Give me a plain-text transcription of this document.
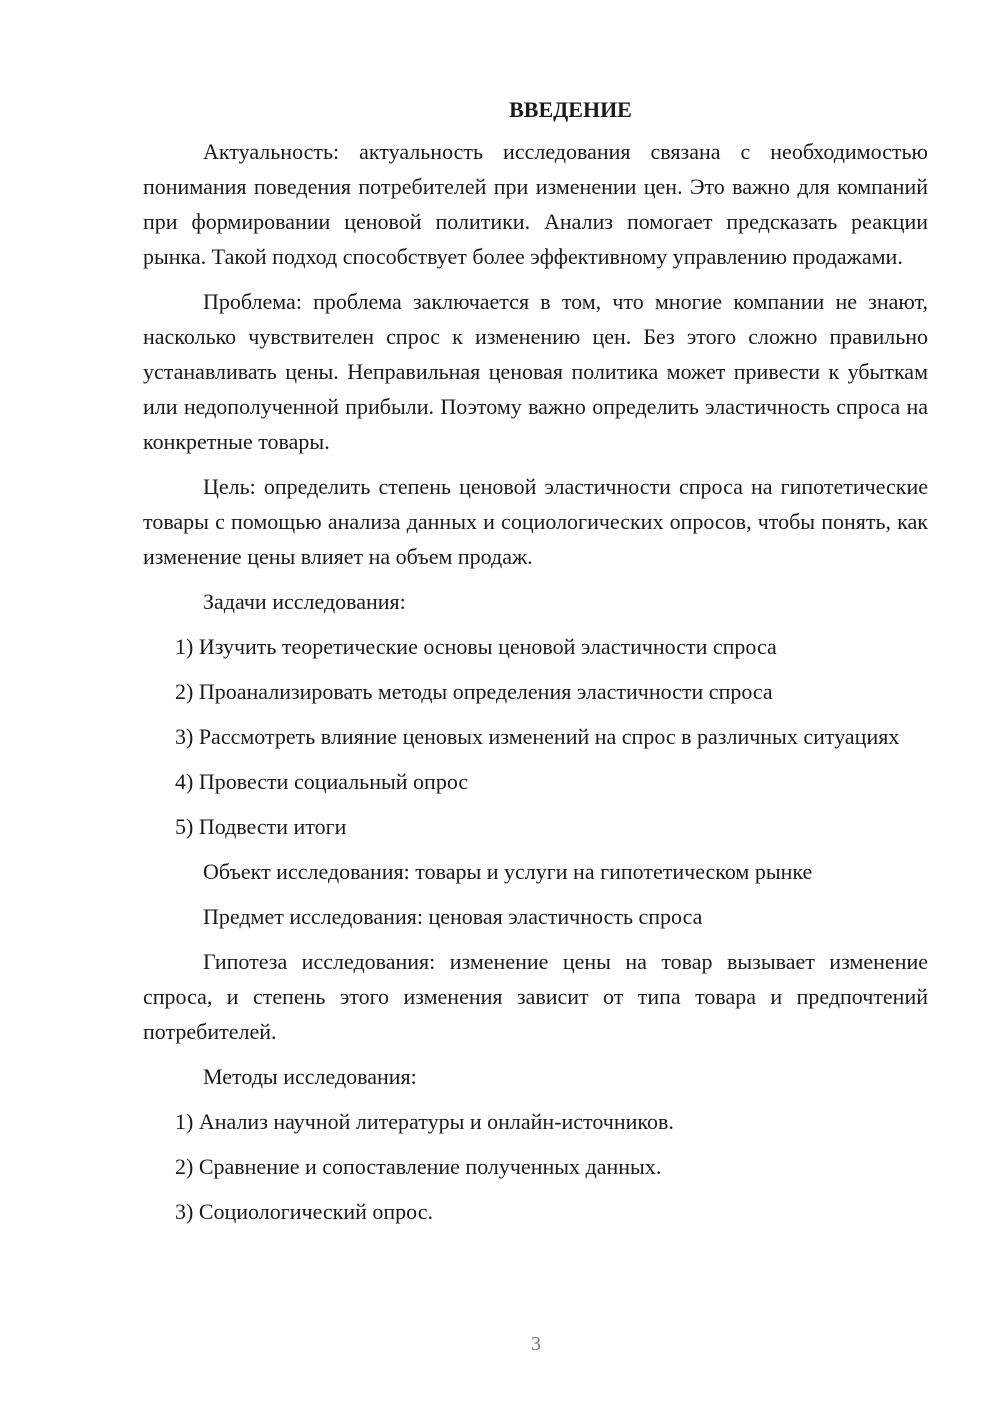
ВВЕДЕНИЕ

Актуальность: актуальность исследования связана с необходимостью понимания поведения потребителей при изменении цен. Это важно для компаний при формировании ценовой политики. Анализ помогает предсказать реакции рынка. Такой подход способствует более эффективному управлению продажами.

Проблема: проблема заключается в том, что многие компании не знают, насколько чувствителен спрос к изменению цен. Без этого сложно правильно устанавливать цены. Неправильная ценовая политика может привести к убыткам или недополученной прибыли. Поэтому важно определить эластичность спроса на конкретные товары.

Цель: определить степень ценовой эластичности спроса на гипотетические товары с помощью анализа данных и социологических опросов, чтобы понять, как изменение цены влияет на объем продаж.

Задачи исследования:

1) Изучить теоретические основы ценовой эластичности спроса

2) Проанализировать методы определения эластичности спроса

3) Рассмотреть влияние ценовых изменений на спрос в различных ситуациях

4) Провести социальный опрос

5) Подвести итоги

Объект исследования: товары и услуги на гипотетическом рынке

Предмет исследования: ценовая эластичность спроса

Гипотеза исследования: изменение цены на товар вызывает изменение спроса, и степень этого изменения зависит от типа товара и предпочтений потребителей.

Методы исследования:

1) Анализ научной литературы и онлайн-источников.

2) Сравнение и сопоставление полученных данных.

3) Социологический опрос.

3
